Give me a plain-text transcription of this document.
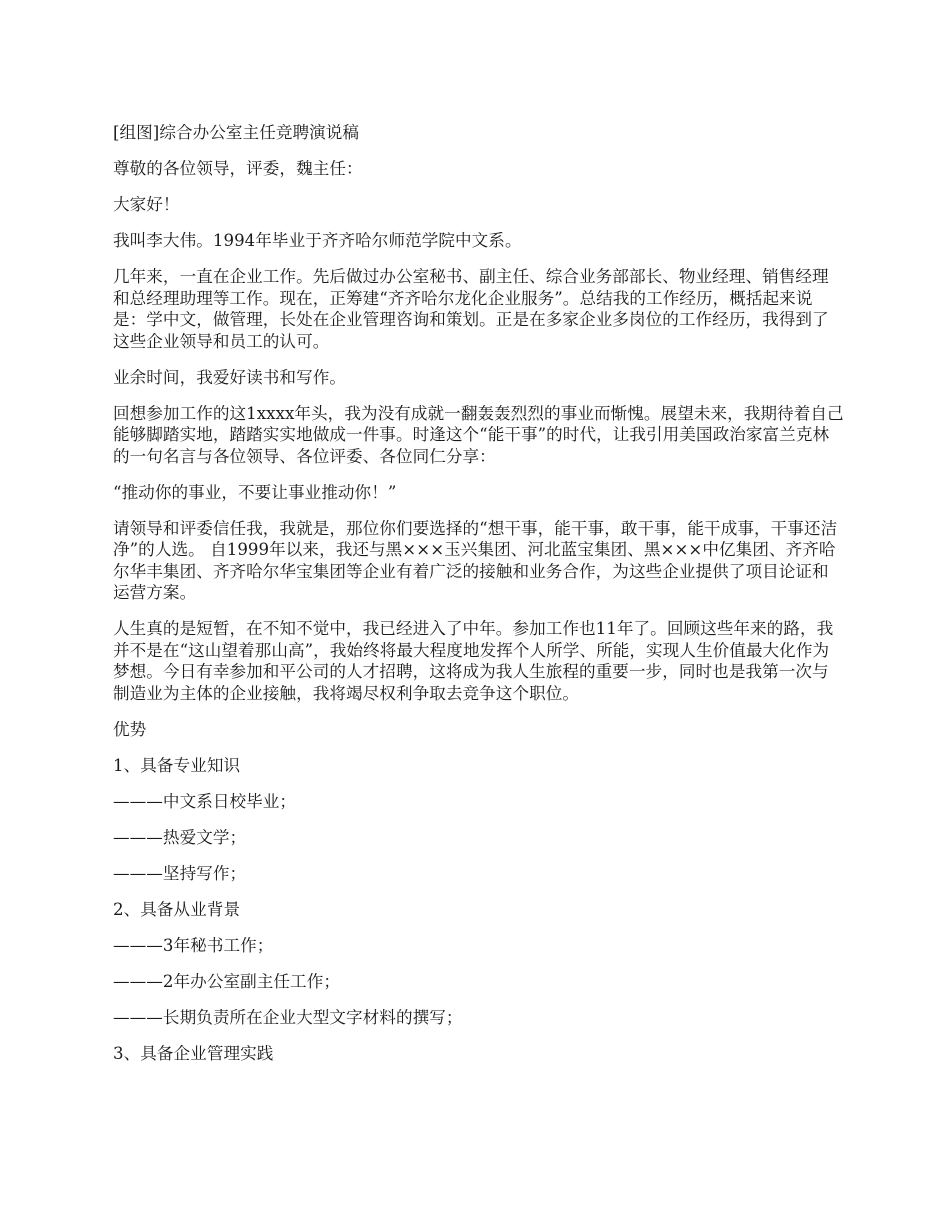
[组图]综合办公室主任竞聘演说稿

尊敬的各位领导，评委，魏主任：

大家好！

我叫李大伟。1994年毕业于齐齐哈尔师范学院中文系。

几年来，一直在企业工作。先后做过办公室秘书、副主任、综合业务部部长、物业经理、销售经理和总经理助理等工作。现在，正筹建“齐齐哈尔龙化企业服务”。总结我的工作经历，概括起来说是：学中文，做管理，长处在企业管理咨询和策划。正是在多家企业多岗位的工作经历，我得到了这些企业领导和员工的认可。

业余时间，我爱好读书和写作。

回想参加工作的这1xxxx年头，我为没有成就一翻轰轰烈烈的事业而惭愧。展望未来，我期待着自己能够脚踏实地，踏踏实实地做成一件事。时逢这个“能干事”的时代，让我引用美国政治家富兰克林的一句名言与各位领导、各位评委、各位同仁分享：

“推动你的事业，不要让事业推动你！”

请领导和评委信任我，我就是，那位你们要选择的“想干事，能干事，敢干事，能干成事，干事还洁净”的人选。 自1999年以来，我还与黑×××玉兴集团、河北蓝宝集团、黑×××中亿集团、齐齐哈尔华丰集团、齐齐哈尔华宝集团等企业有着广泛的接触和业务合作，为这些企业提供了项目论证和运营方案。

人生真的是短暂，在不知不觉中，我已经进入了中年。参加工作也11年了。回顾这些年来的路，我并不是在“这山望着那山高”，我始终将最大程度地发挥个人所学、所能，实现人生价值最大化作为梦想。今日有幸参加和平公司的人才招聘，这将成为我人生旅程的重要一步，同时也是我第一次与制造业为主体的企业接触，我将竭尽权利争取去竞争这个职位。

优势

1、具备专业知识

———中文系日校毕业；

———热爱文学；

———坚持写作；

2、具备从业背景

———3年秘书工作；

———2年办公室副主任工作；

———长期负责所在企业大型文字材料的撰写；

3、具备企业管理实践
